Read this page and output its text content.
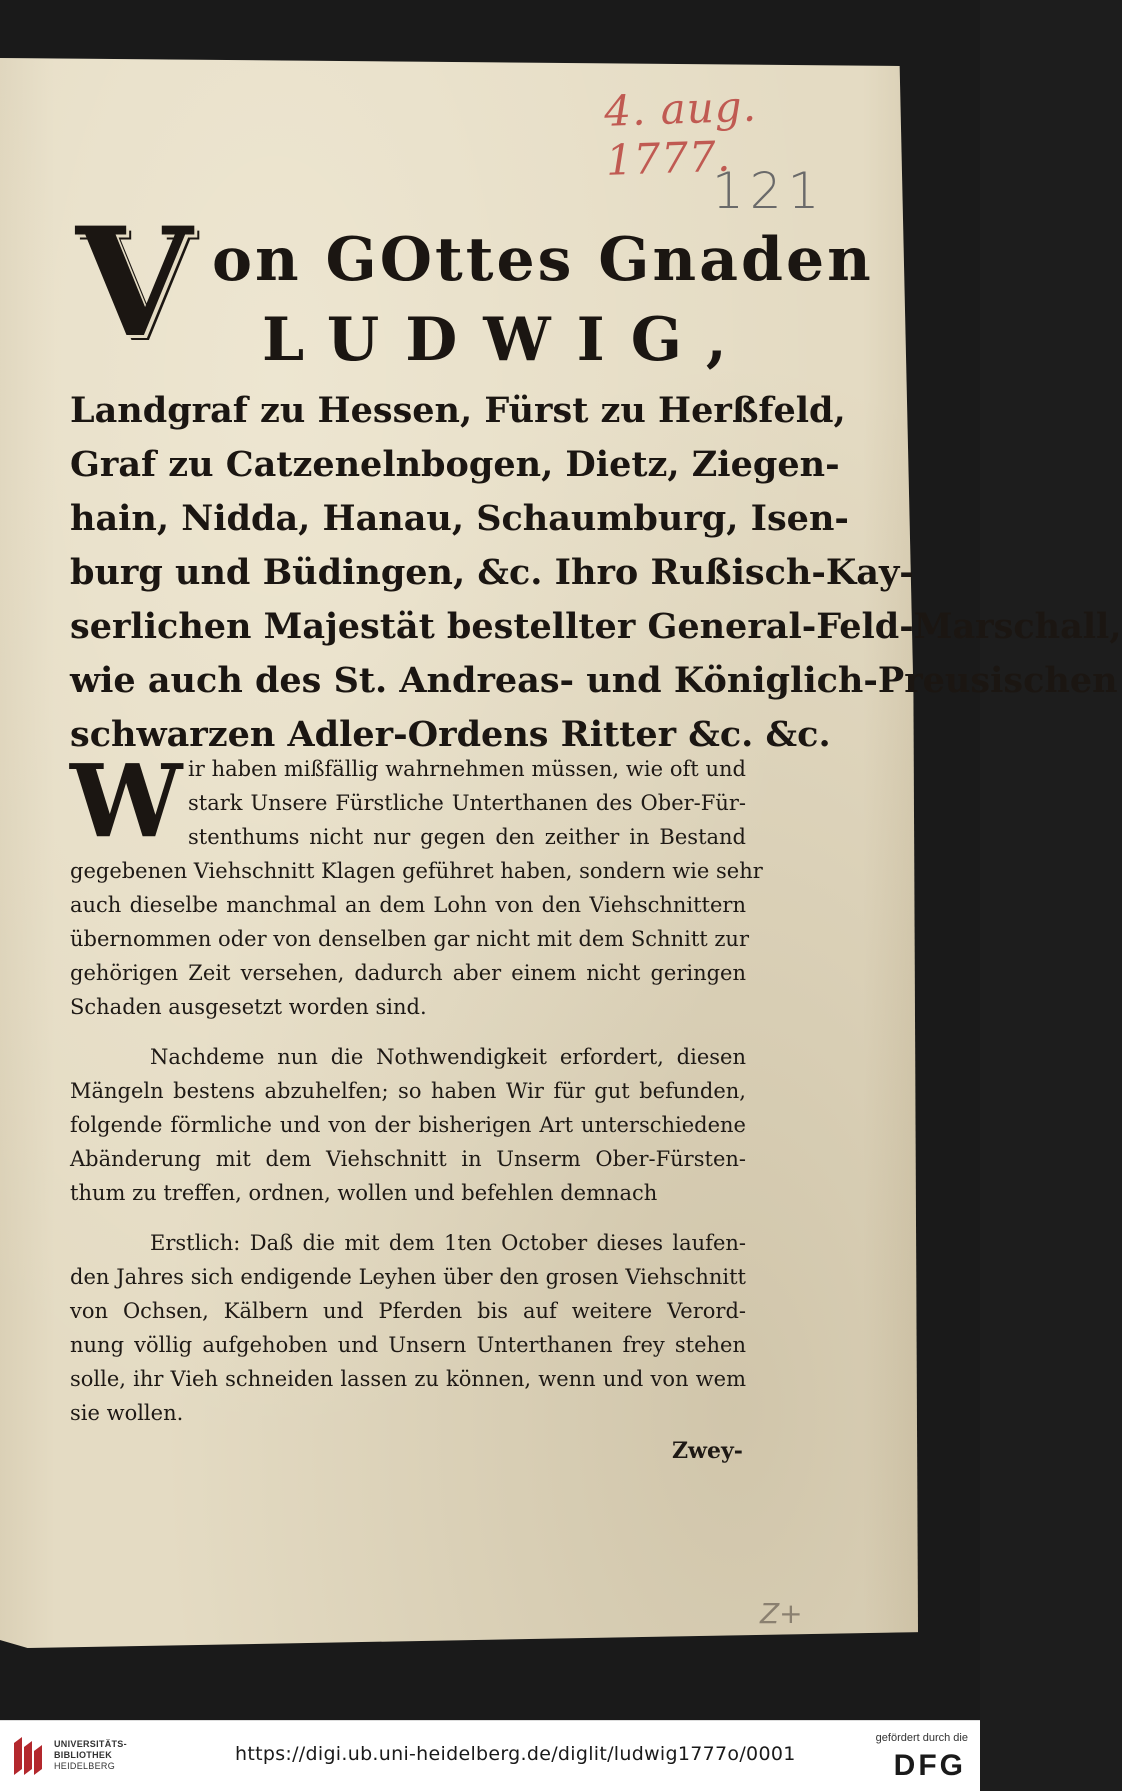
4. aug. 1777.
121
V on GOttes Gnaden
LUDWIG,
Landgraf zu Hessen, Fürst zu Herßfeld,
Graf zu Catzenelnbogen, Dietz, Ziegen-
hain, Nidda, Hanau, Schaumburg, Isen-
burg und Büdingen, &c. Ihro Rußisch-Kay-
serlichen Majestät bestellter General-Feld-Marschall,
wie auch des St. Andreas- und Königlich-Preusischen
schwarzen Adler-Ordens Ritter &c. &c.
W ir haben mißfällig wahrnehmen müssen, wie oft und
stark Unsere Fürstliche Unterthanen des Ober-Für-
stenthums nicht nur gegen den zeither in Bestand
gegebenen Viehschnitt Klagen geführet haben, sondern wie sehr
auch dieselbe manchmal an dem Lohn von den Viehschnittern
übernommen oder von denselben gar nicht mit dem Schnitt zur
gehörigen Zeit versehen, dadurch aber einem nicht geringen
Schaden ausgesetzt worden sind.
Nachdeme nun die Nothwendigkeit erfordert, diesen
Mängeln bestens abzuhelfen; so haben Wir für gut befunden,
folgende förmliche und von der bisherigen Art unterschiedene
Abänderung mit dem Viehschnitt in Unserm Ober-Fürsten-
thum zu treffen, ordnen, wollen und befehlen demnach
Erstlich: Daß die mit dem 1ten October dieses laufen-
den Jahres sich endigende Leyhen über den grosen Viehschnitt
von Ochsen, Kälbern und Pferden bis auf weitere Verord-
nung völlig aufgehoben und Unsern Unterthanen frey stehen
solle, ihr Vieh schneiden lassen zu können, wenn und von wem
sie wollen.
Zwey-
Z+
UNIVERSITÄTS-
BIBLIOTHEK
HEIDELBERG
https://digi.ub.uni-heidelberg.de/diglit/ludwig1777o/0001
gefördert durch die
DFG
